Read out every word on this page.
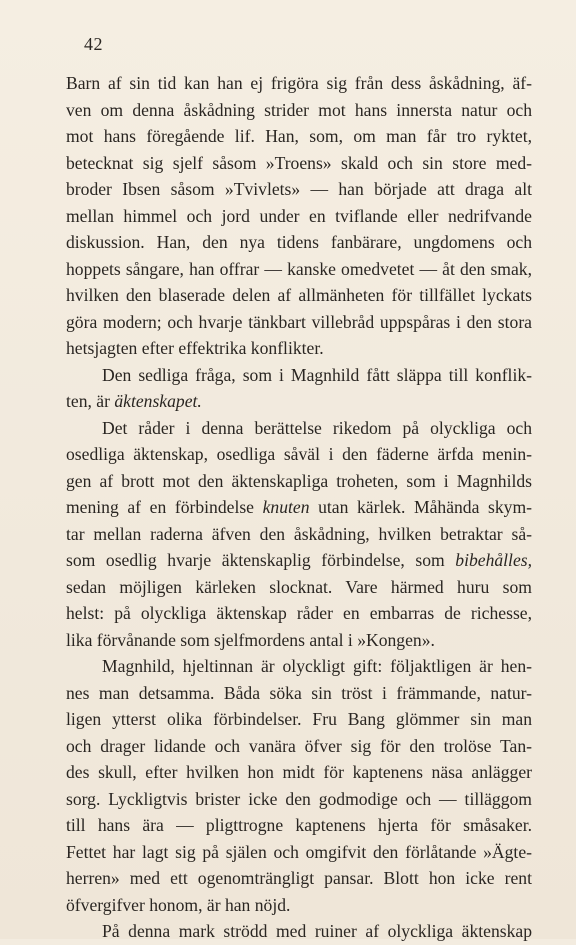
42
Barn af sin tid kan han ej frigöra sig från dess åskådning, äf-
ven om denna åskådning strider mot hans innersta natur och
mot hans föregående lif. Han, som, om man får tro ryktet,
betecknat sig sjelf såsom »Troens» skald och sin store med-
broder Ibsen såsom »Tvivlets» — han började att draga alt
mellan himmel och jord under en tviflande eller nedrifvande
diskussion. Han, den nya tidens fanbärare, ungdomens och
hoppets sångare, han offrar — kanske omedvetet — åt den smak,
hvilken den blaserade delen af allmänheten för tillfället lyckats
göra modern; och hvarje tänkbart villebråd uppspåras i den stora
hetsjagten efter effektrika konflikter.
Den sedliga fråga, som i Magnhild fått släppa till konflik-
ten, är äktenskapet.
Det råder i denna berättelse rikedom på olyckliga och
osedliga äktenskap, osedliga såväl i den fäderne ärfda menin-
gen af brott mot den äktenskapliga troheten, som i Magnhilds
mening af en förbindelse knuten utan kärlek. Måhända skym-
tar mellan raderna äfven den åskådning, hvilken betraktar så-
som osedlig hvarje äktenskaplig förbindelse, som bibehålles,
sedan möjligen kärleken slocknat. Vare härmed huru som
helst: på olyckliga äktenskap råder en embarras de richesse,
lika förvånande som sjelfmordens antal i »Kongen».
Magnhild, hjeltinnan är olyckligt gift: följaktligen är hen-
nes man detsamma. Båda söka sin tröst i främmande, natur-
ligen ytterst olika förbindelser. Fru Bang glömmer sin man
och drager lidande och vanära öfver sig för den trolöse Tan-
des skull, efter hvilken hon midt för kaptenens näsa anlägger
sorg. Lyckligtvis brister icke den godmodige och — tilläggom
till hans ära — pligttrogne kaptenens hjerta för småsaker.
Fettet har lagt sig på själen och omgifvit den förlåtande »Ägte-
herren» med ett ogenomträngligt pansar. Blott hon icke rent
öfvergifver honom, är han nöjd.
På denna mark strödd med ruiner af olyckliga äktenskap
